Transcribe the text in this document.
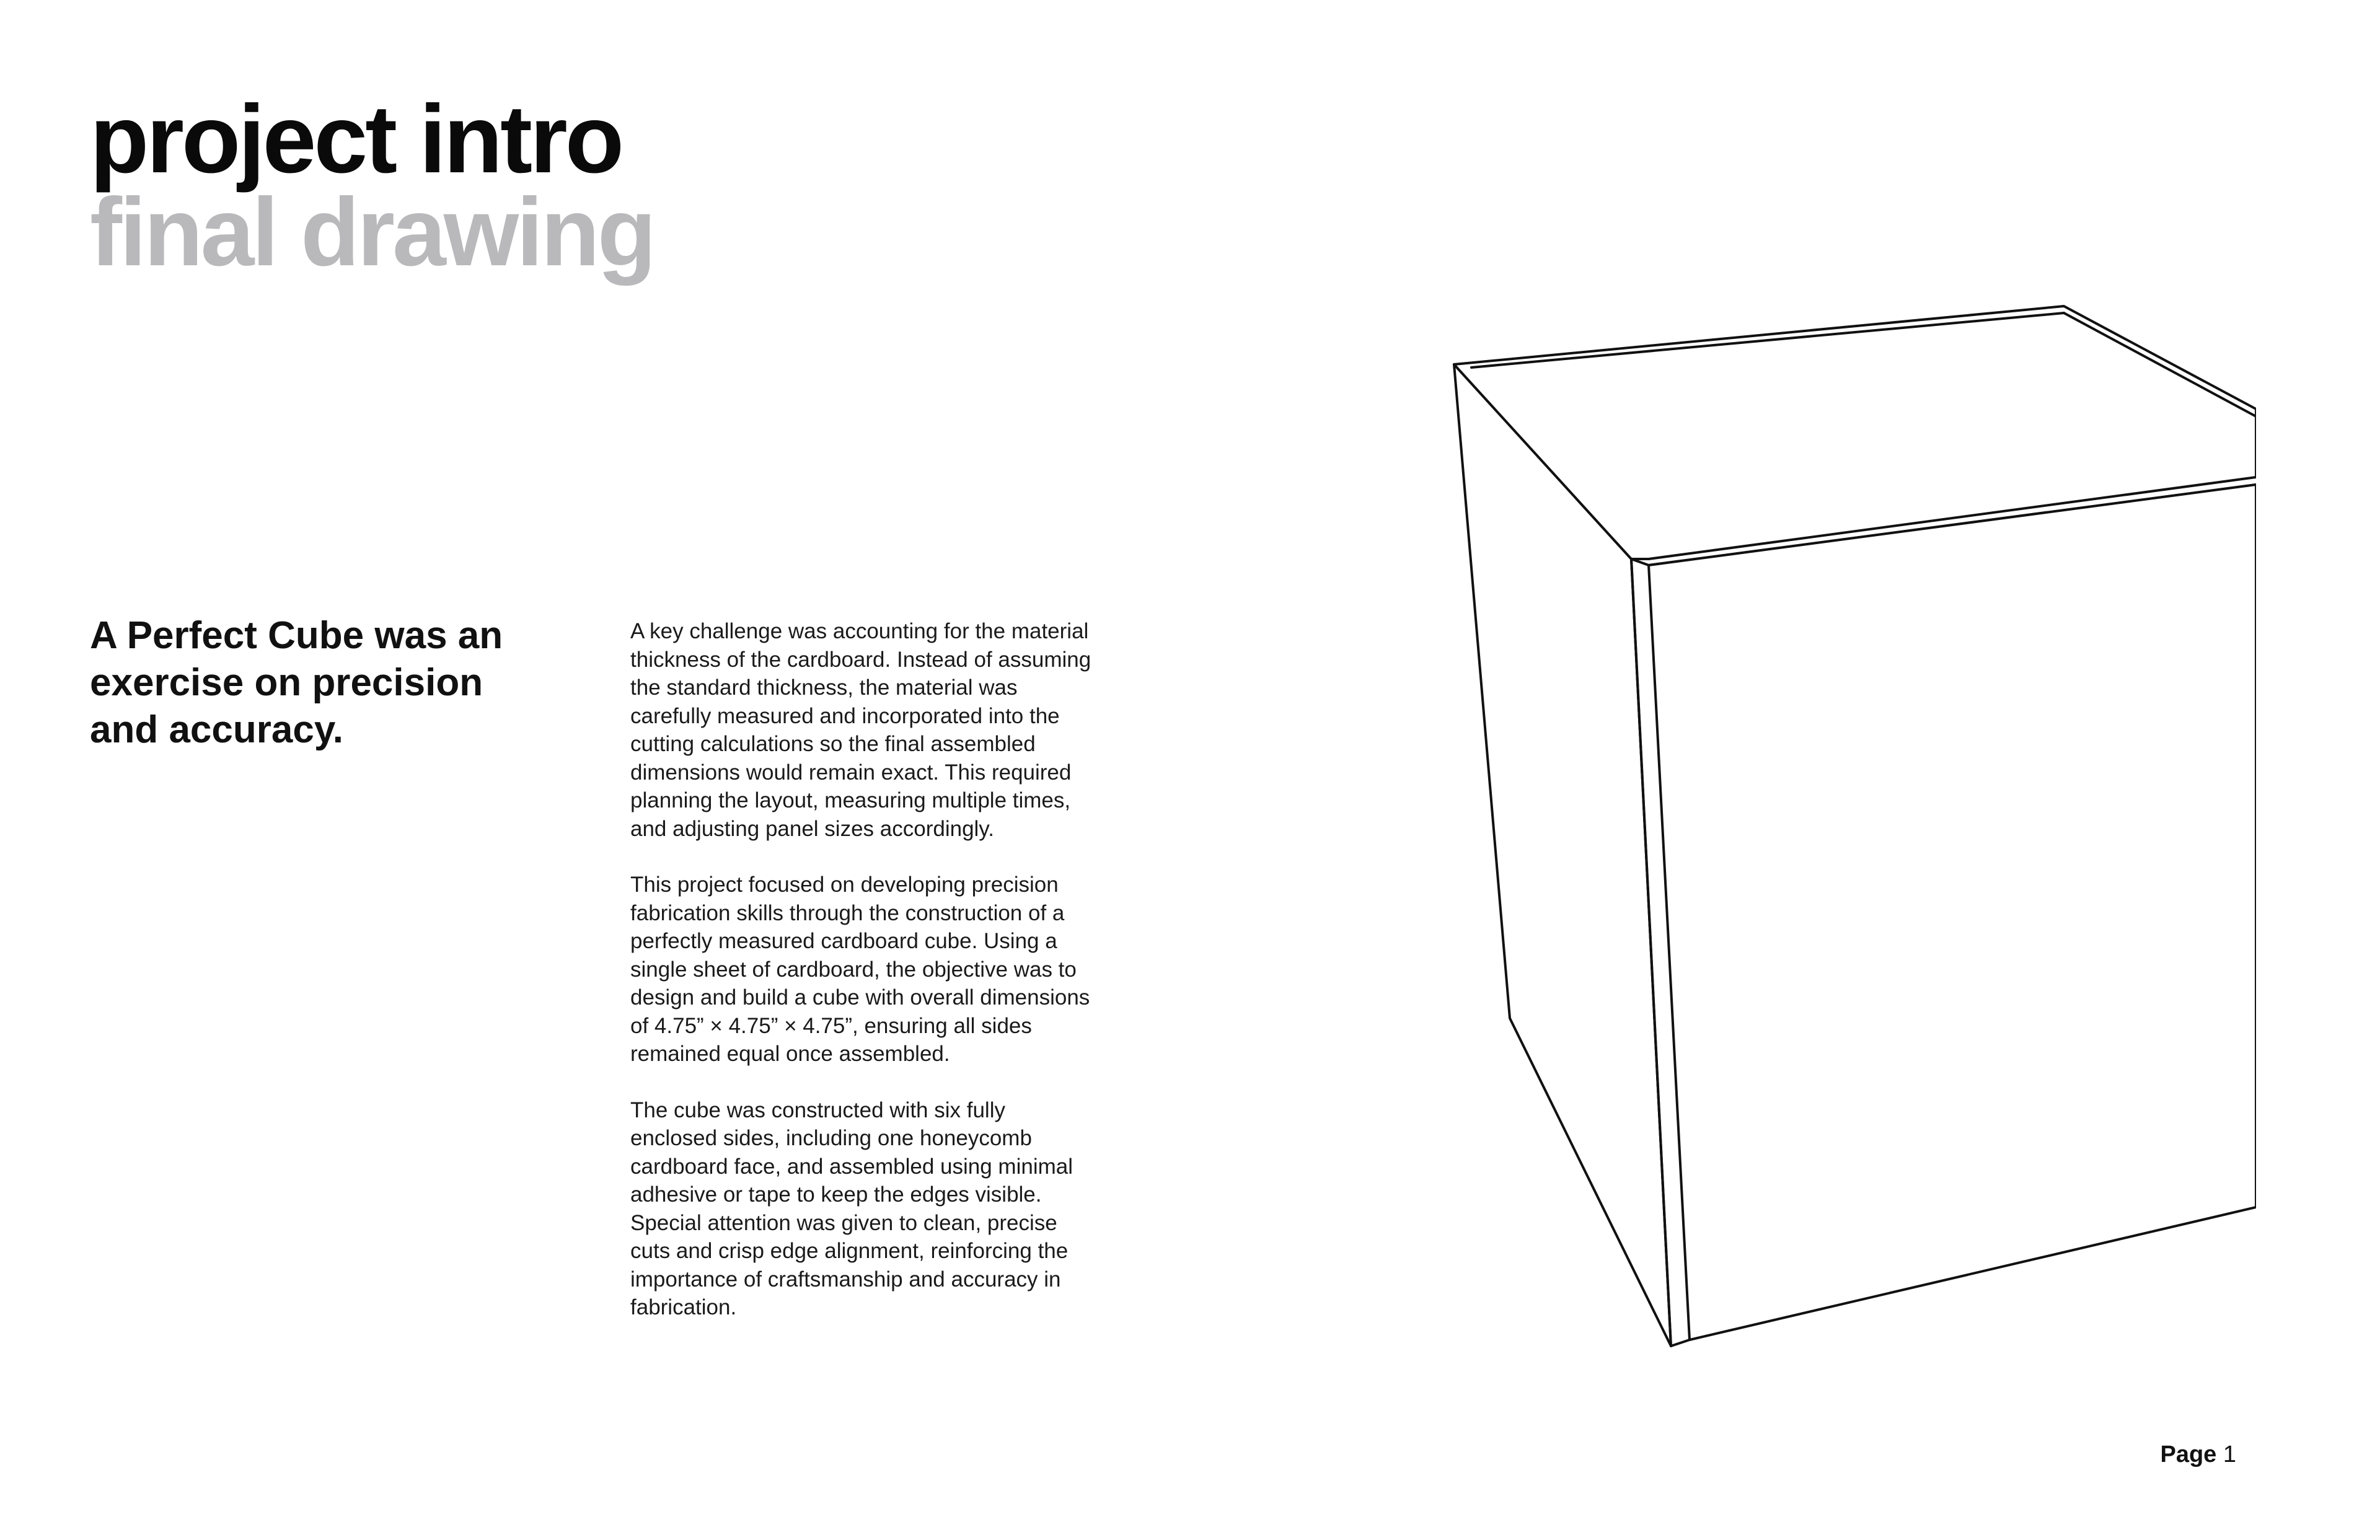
project intro
final drawing

A Perfect Cube was an exercise on precision and accuracy.

A key challenge was accounting for the material thickness of the cardboard. Instead of assuming the standard thickness, the material was carefully measured and incorporated into the cutting calculations so the final assembled dimensions would remain exact. This required planning the layout, measuring multiple times, and adjusting panel sizes accordingly.

This project focused on developing precision fabrication skills through the construction of a perfectly measured cardboard cube. Using a single sheet of cardboard, the objective was to design and build a cube with overall dimensions of 4.75” × 4.75” × 4.75”, ensuring all sides remained equal once assembled.

The cube was constructed with six fully enclosed sides, including one honeycomb cardboard face, and assembled using minimal adhesive or tape to keep the edges visible. Special attention was given to clean, precise cuts and crisp edge alignment, reinforcing the importance of craftsmanship and accuracy in fabrication.

Page 1
